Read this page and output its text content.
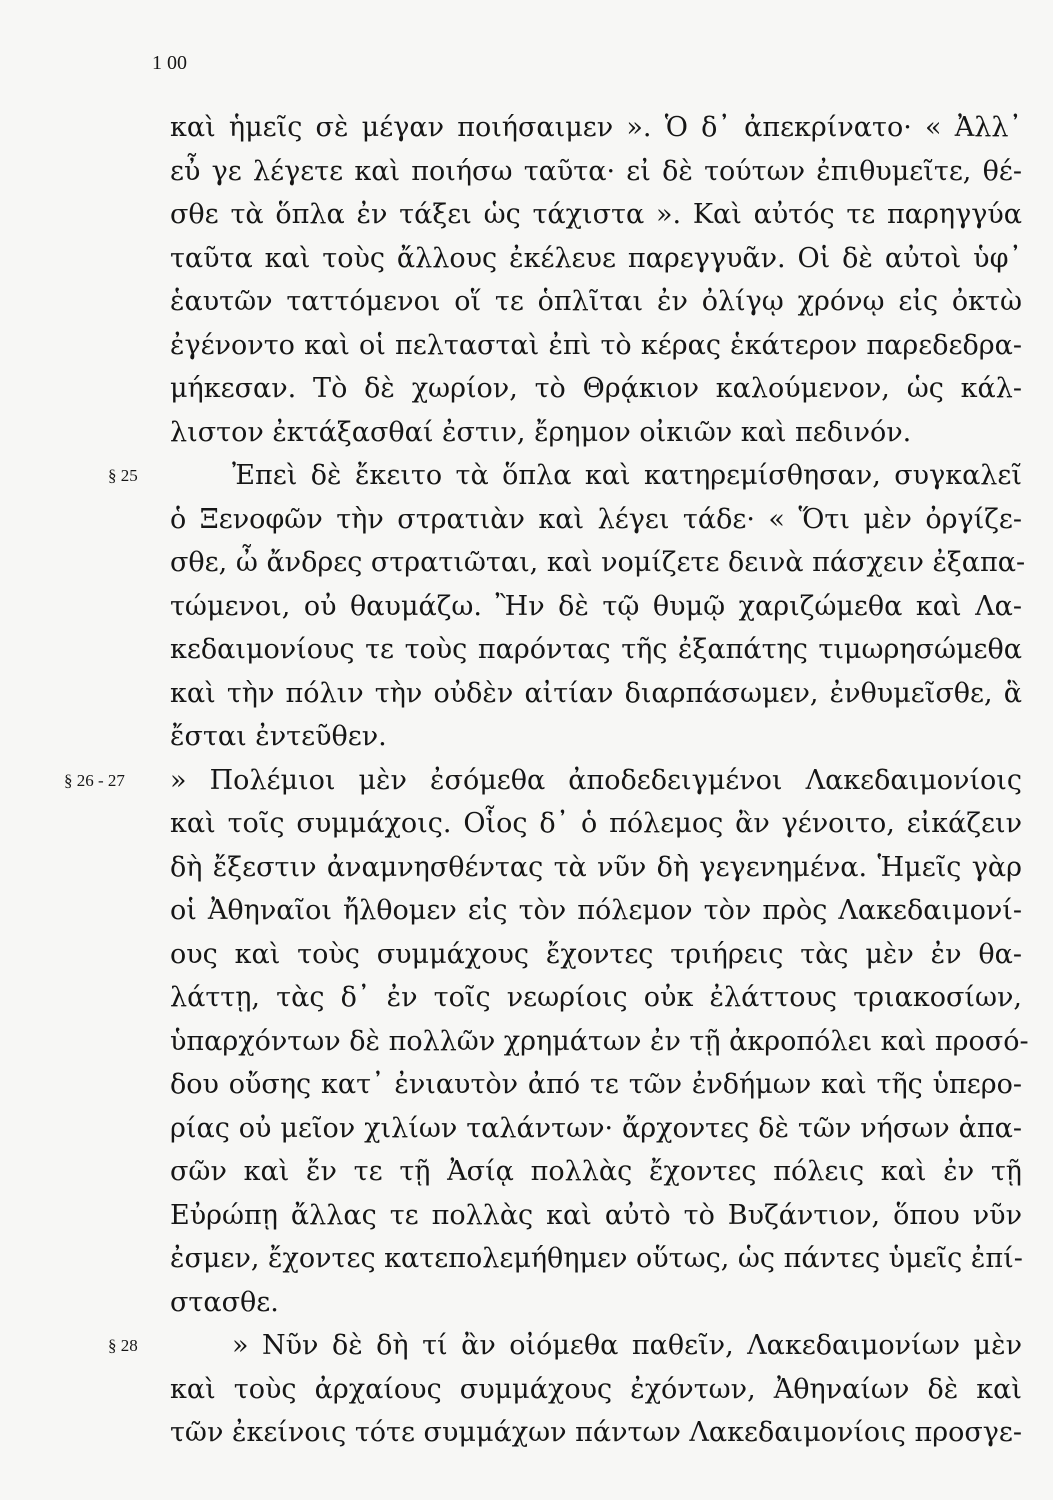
1 00
καὶ ἡμεῖς σὲ μέγαν ποιήσαιμεν ». Ὁ δ᾽ ἀπεκρίνατο· « Ἀλλ᾽
εὖ γε λέγετε καὶ ποιήσω ταῦτα· εἰ δὲ τούτων ἐπιθυμεῖτε, θέ-
σθε τὰ ὅπλα ἐν τάξει ὡς τάχιστα ». Καὶ αὐτός τε παρηγγύα
ταῦτα καὶ τοὺς ἄλλους ἐκέλευε παρεγγυᾶν. Οἱ δὲ αὐτοὶ ὑφ᾽
ἑαυτῶν ταττόμενοι οἵ τε ὁπλῖται ἐν ὀλίγῳ χρόνῳ εἰς ὀκτὼ
ἐγένοντο καὶ οἱ πελτασταὶ ἐπὶ τὸ κέρας ἑκάτερον παρεδεδρα-
μήκεσαν. Τὸ δὲ χωρίον, τὸ Θρᾴκιον καλούμενον, ὡς κάλ-
λιστον ἐκτάξασθαί ἐστιν, ἔρημον οἰκιῶν καὶ πεδινόν.
§ 25	Ἐπεὶ δὲ ἔκειτο τὰ ὅπλα καὶ κατηρεμίσθησαν, συγκαλεῖ
ὁ Ξενοφῶν τὴν στρατιὰν καὶ λέγει τάδε· « Ὅτι μὲν ὀργίζε-
σθε, ὦ ἄνδρες στρατιῶται, καὶ νομίζετε δεινὰ πάσχειν ἐξαπα-
τώμενοι, οὐ θαυμάζω. Ἢν δὲ τῷ θυμῷ χαριζώμεθα καὶ Λα-
κεδαιμονίους τε τοὺς παρόντας τῆς ἐξαπάτης τιμωρησώμεθα
καὶ τὴν πόλιν τὴν οὐδὲν αἰτίαν διαρπάσωμεν, ἐνθυμεῖσθε, ἃ
ἔσται ἐντεῦθεν.
§ 26 - 27 » Πολέμιοι μὲν ἐσόμεθα ἀποδεδειγμένοι Λακεδαιμονίοις
καὶ τοῖς συμμάχοις. Οἷος δ᾽ ὁ πόλεμος ἂν γένοιτο, εἰκάζειν
δὴ ἔξεστιν ἀναμνησθέντας τὰ νῦν δὴ γεγενημένα. Ἡμεῖς γὰρ
οἱ Ἀθηναῖοι ἤλθομεν εἰς τὸν πόλεμον τὸν πρὸς Λακεδαιμονί-
ους καὶ τοὺς συμμάχους ἔχοντες τριήρεις τὰς μὲν ἐν θα-
λάττῃ, τὰς δ᾽ ἐν τοῖς νεωρίοις οὐκ ἐλάττους τριακοσίων,
ὑπαρχόντων δὲ πολλῶν χρημάτων ἐν τῇ ἀκροπόλει καὶ προσό-
δου οὔσης κατ᾽ ἐνιαυτὸν ἀπό τε τῶν ἐνδήμων καὶ τῆς ὑπερο-
ρίας οὐ μεῖον χιλίων ταλάντων· ἄρχοντες δὲ τῶν νήσων ἁπα-
σῶν καὶ ἔν τε τῇ Ἀσίᾳ πολλὰς ἔχοντες πόλεις καὶ ἐν τῇ
Εὐρώπῃ ἄλλας τε πολλὰς καὶ αὐτὸ τὸ Βυζάντιον, ὅπου νῦν
ἐσμεν, ἔχοντες κατεπολεμήθημεν οὕτως, ὡς πάντες ὑμεῖς ἐπί-
στασθε.
§ 28	» Νῦν δὲ δὴ τί ἂν οἰόμεθα παθεῖν, Λακεδαιμονίων μὲν
καὶ τοὺς ἀρχαίους συμμάχους ἐχόντων, Ἀθηναίων δὲ καὶ
τῶν ἐκείνοις τότε συμμάχων πάντων Λακεδαιμονίοις προσγε-
